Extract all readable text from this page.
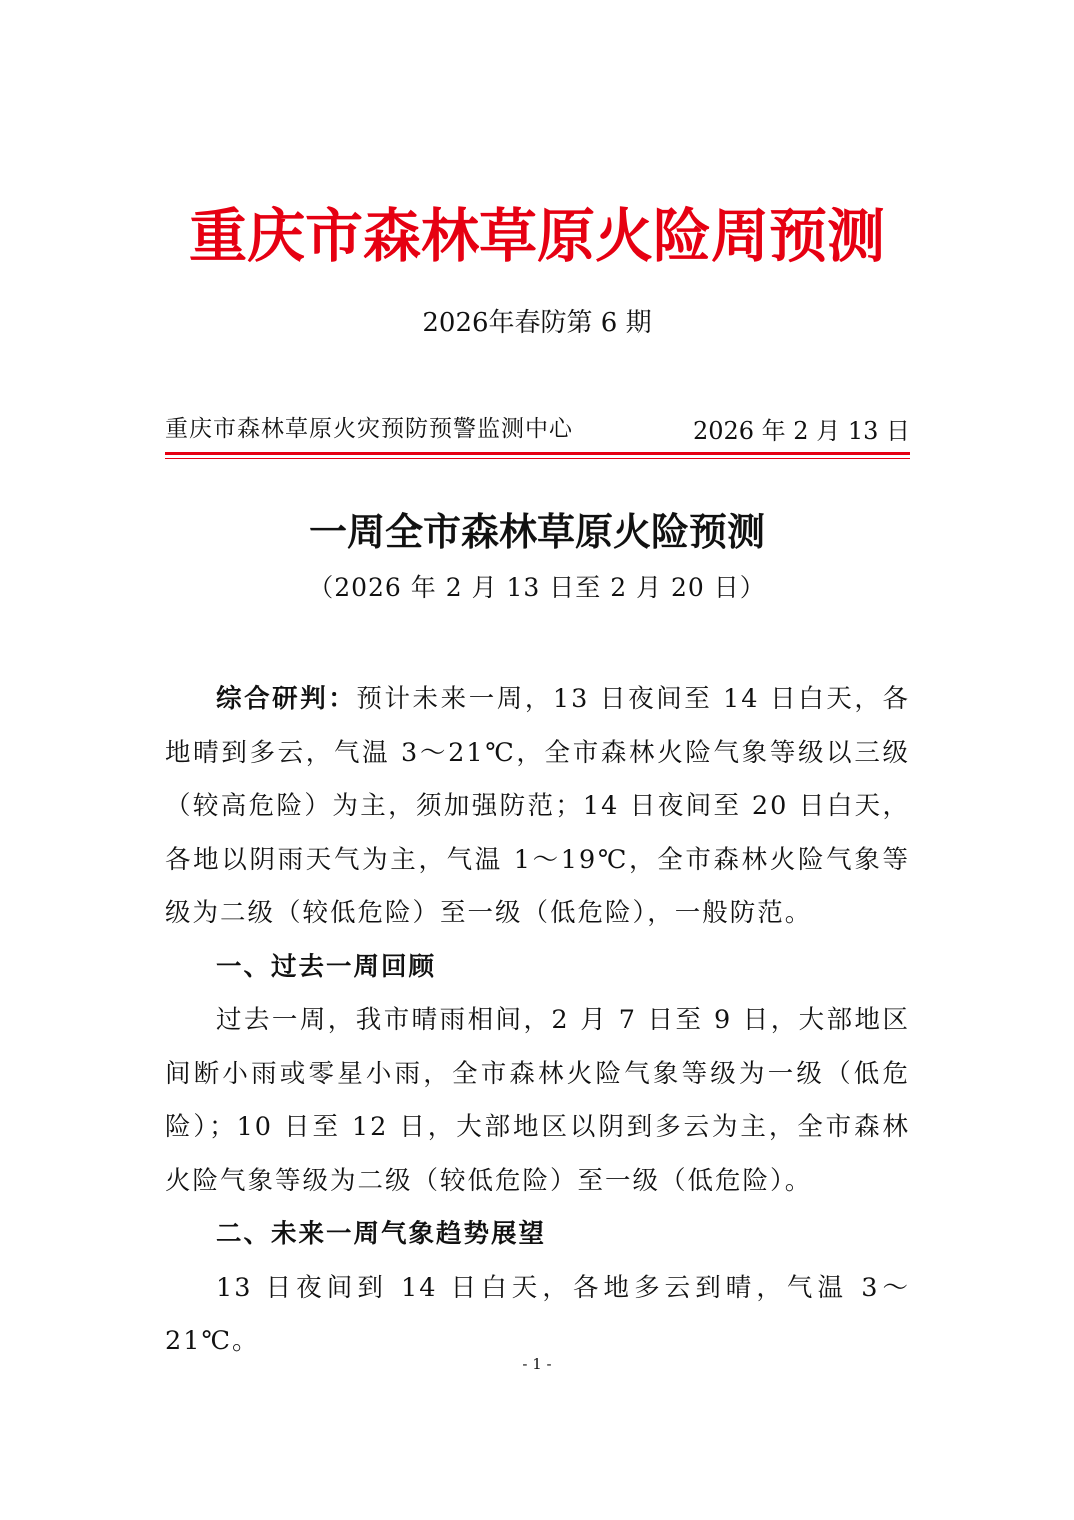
重庆市森林草原火险周预测
2026年春防第 6 期
重庆市森林草原火灾预防预警监测中心	2026 年 2 月 13 日
一周全市森林草原火险预测
（2026 年 2 月 13 日至 2 月 20 日）

综合研判：预计未来一周，13 日夜间至 14 日白天，各地晴到多云，气温 3～21℃，全市森林火险气象等级以三级（较高危险）为主，须加强防范；14 日夜间至 20 日白天，各地以阴雨天气为主，气温 1～19℃，全市森林火险气象等级为二级（较低危险）至一级（低危险），一般防范。

一、过去一周回顾

过去一周，我市晴雨相间，2 月 7 日至 9 日，大部地区间断小雨或零星小雨，全市森林火险气象等级为一级（低危险）；10 日至 12 日，大部地区以阴到多云为主，全市森林火险气象等级为二级（较低危险）至一级（低危险）。

二、未来一周气象趋势展望

13 日夜间到 14 日白天，各地多云到晴，气温 3～21℃。

- 1 -
